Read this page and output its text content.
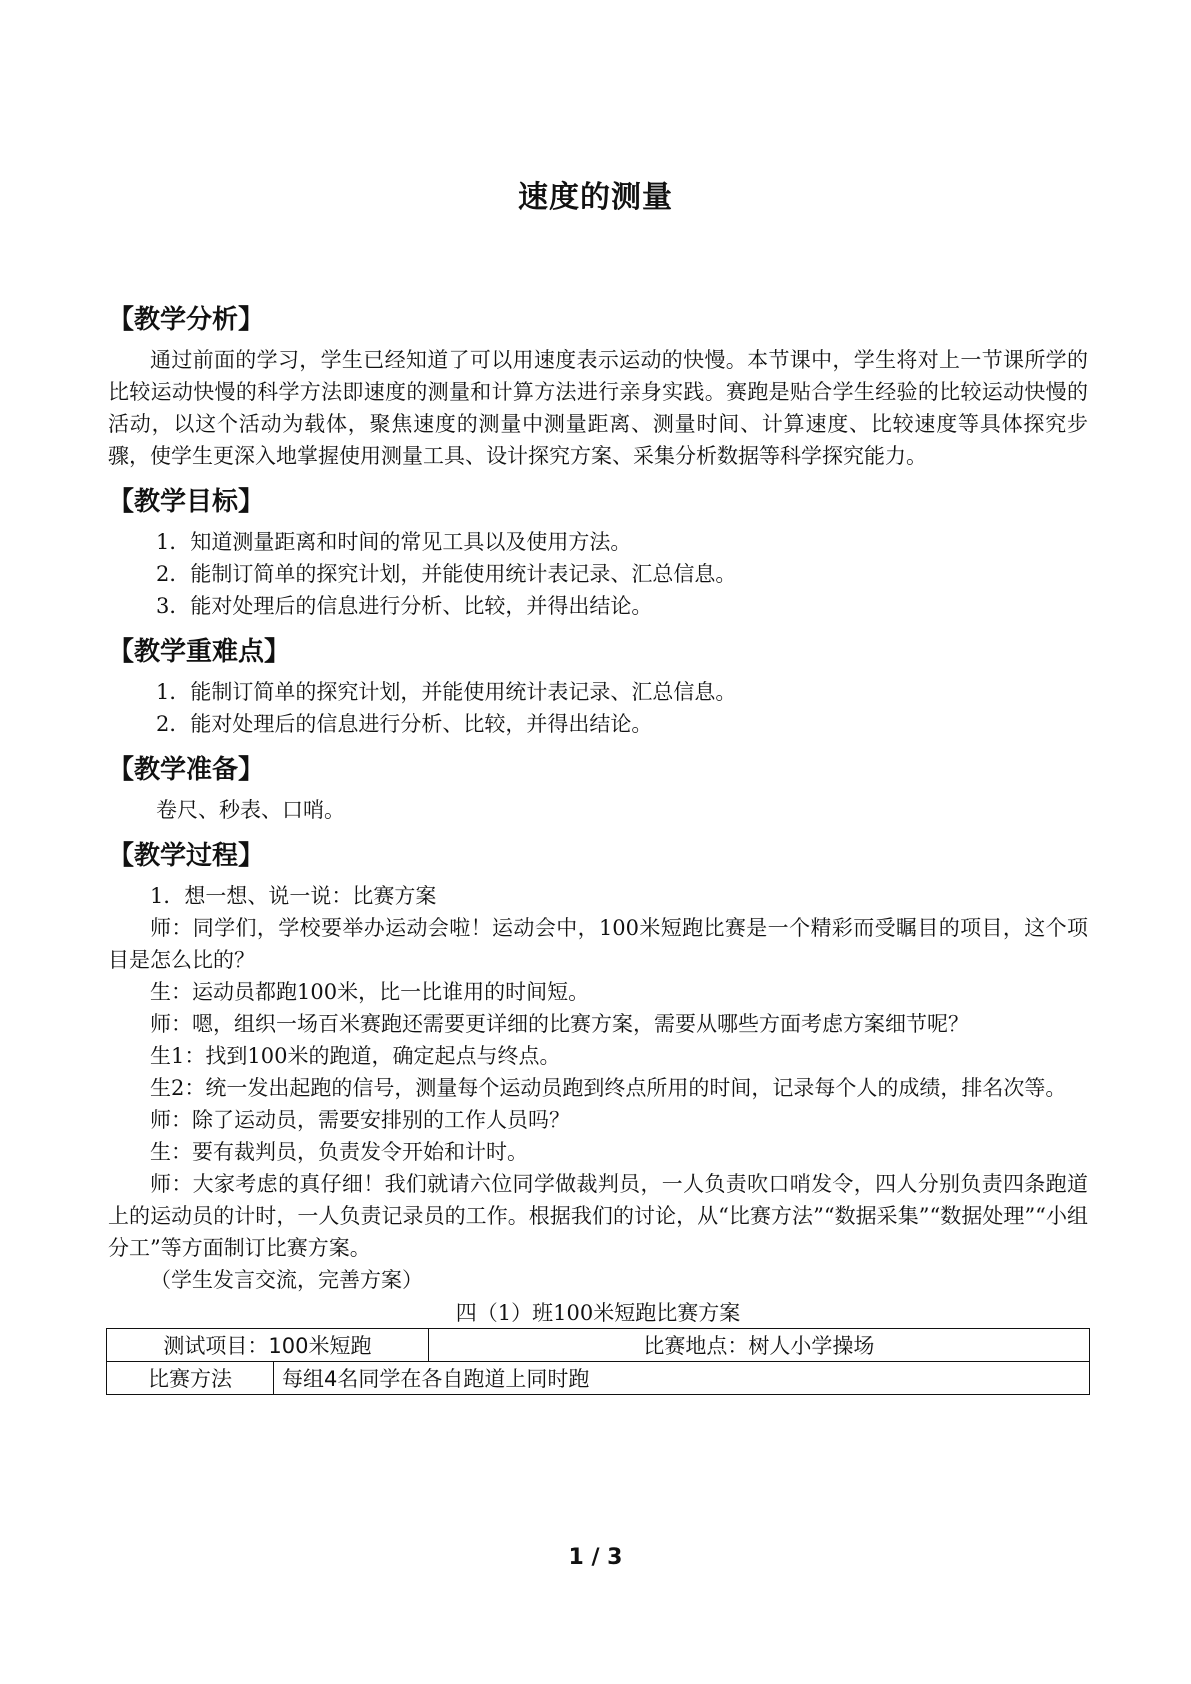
速度的测量
【教学分析】

通过前面的学习，学生已经知道了可以用速度表示运动的快慢。本节课中，学生将对上一节课所学的比较运动快慢的科学方法即速度的测量和计算方法进行亲身实践。赛跑是贴合学生经验的比较运动快慢的活动，以这个活动为载体，聚焦速度的测量中测量距离、测量时间、计算速度、比较速度等具体探究步骤，使学生更深入地掌握使用测量工具、设计探究方案、采集分析数据等科学探究能力。

【教学目标】

1．知道测量距离和时间的常见工具以及使用方法。

2．能制订简单的探究计划，并能使用统计表记录、汇总信息。

3．能对处理后的信息进行分析、比较，并得出结论。

【教学重难点】

1．能制订简单的探究计划，并能使用统计表记录、汇总信息。

2．能对处理后的信息进行分析、比较，并得出结论。

【教学准备】

卷尺、秒表、口哨。

【教学过程】

1．想一想、说一说：比赛方案

师：同学们，学校要举办运动会啦！运动会中，100米短跑比赛是一个精彩而受瞩目的项目，这个项目是怎么比的？

生：运动员都跑100米，比一比谁用的时间短。

师：嗯，组织一场百米赛跑还需要更详细的比赛方案，需要从哪些方面考虑方案细节呢？

生1：找到100米的跑道，确定起点与终点。

生2：统一发出起跑的信号，测量每个运动员跑到终点所用的时间，记录每个人的成绩，排名次等。

师：除了运动员，需要安排别的工作人员吗？

生：要有裁判员，负责发令开始和计时。

师：大家考虑的真仔细！我们就请六位同学做裁判员，一人负责吹口哨发令，四人分别负责四条跑道上的运动员的计时，一人负责记录员的工作。根据我们的讨论，从“比赛方法”“数据采集”“数据处理”“小组分工”等方面制订比赛方案。

（学生发言交流，完善方案）

四（1）班100米短跑比赛方案
测试项目：100米短跑		比赛地点：树人小学操场
比赛方法	每组4名同学在各自跑道上同时跑	
1 / 3
